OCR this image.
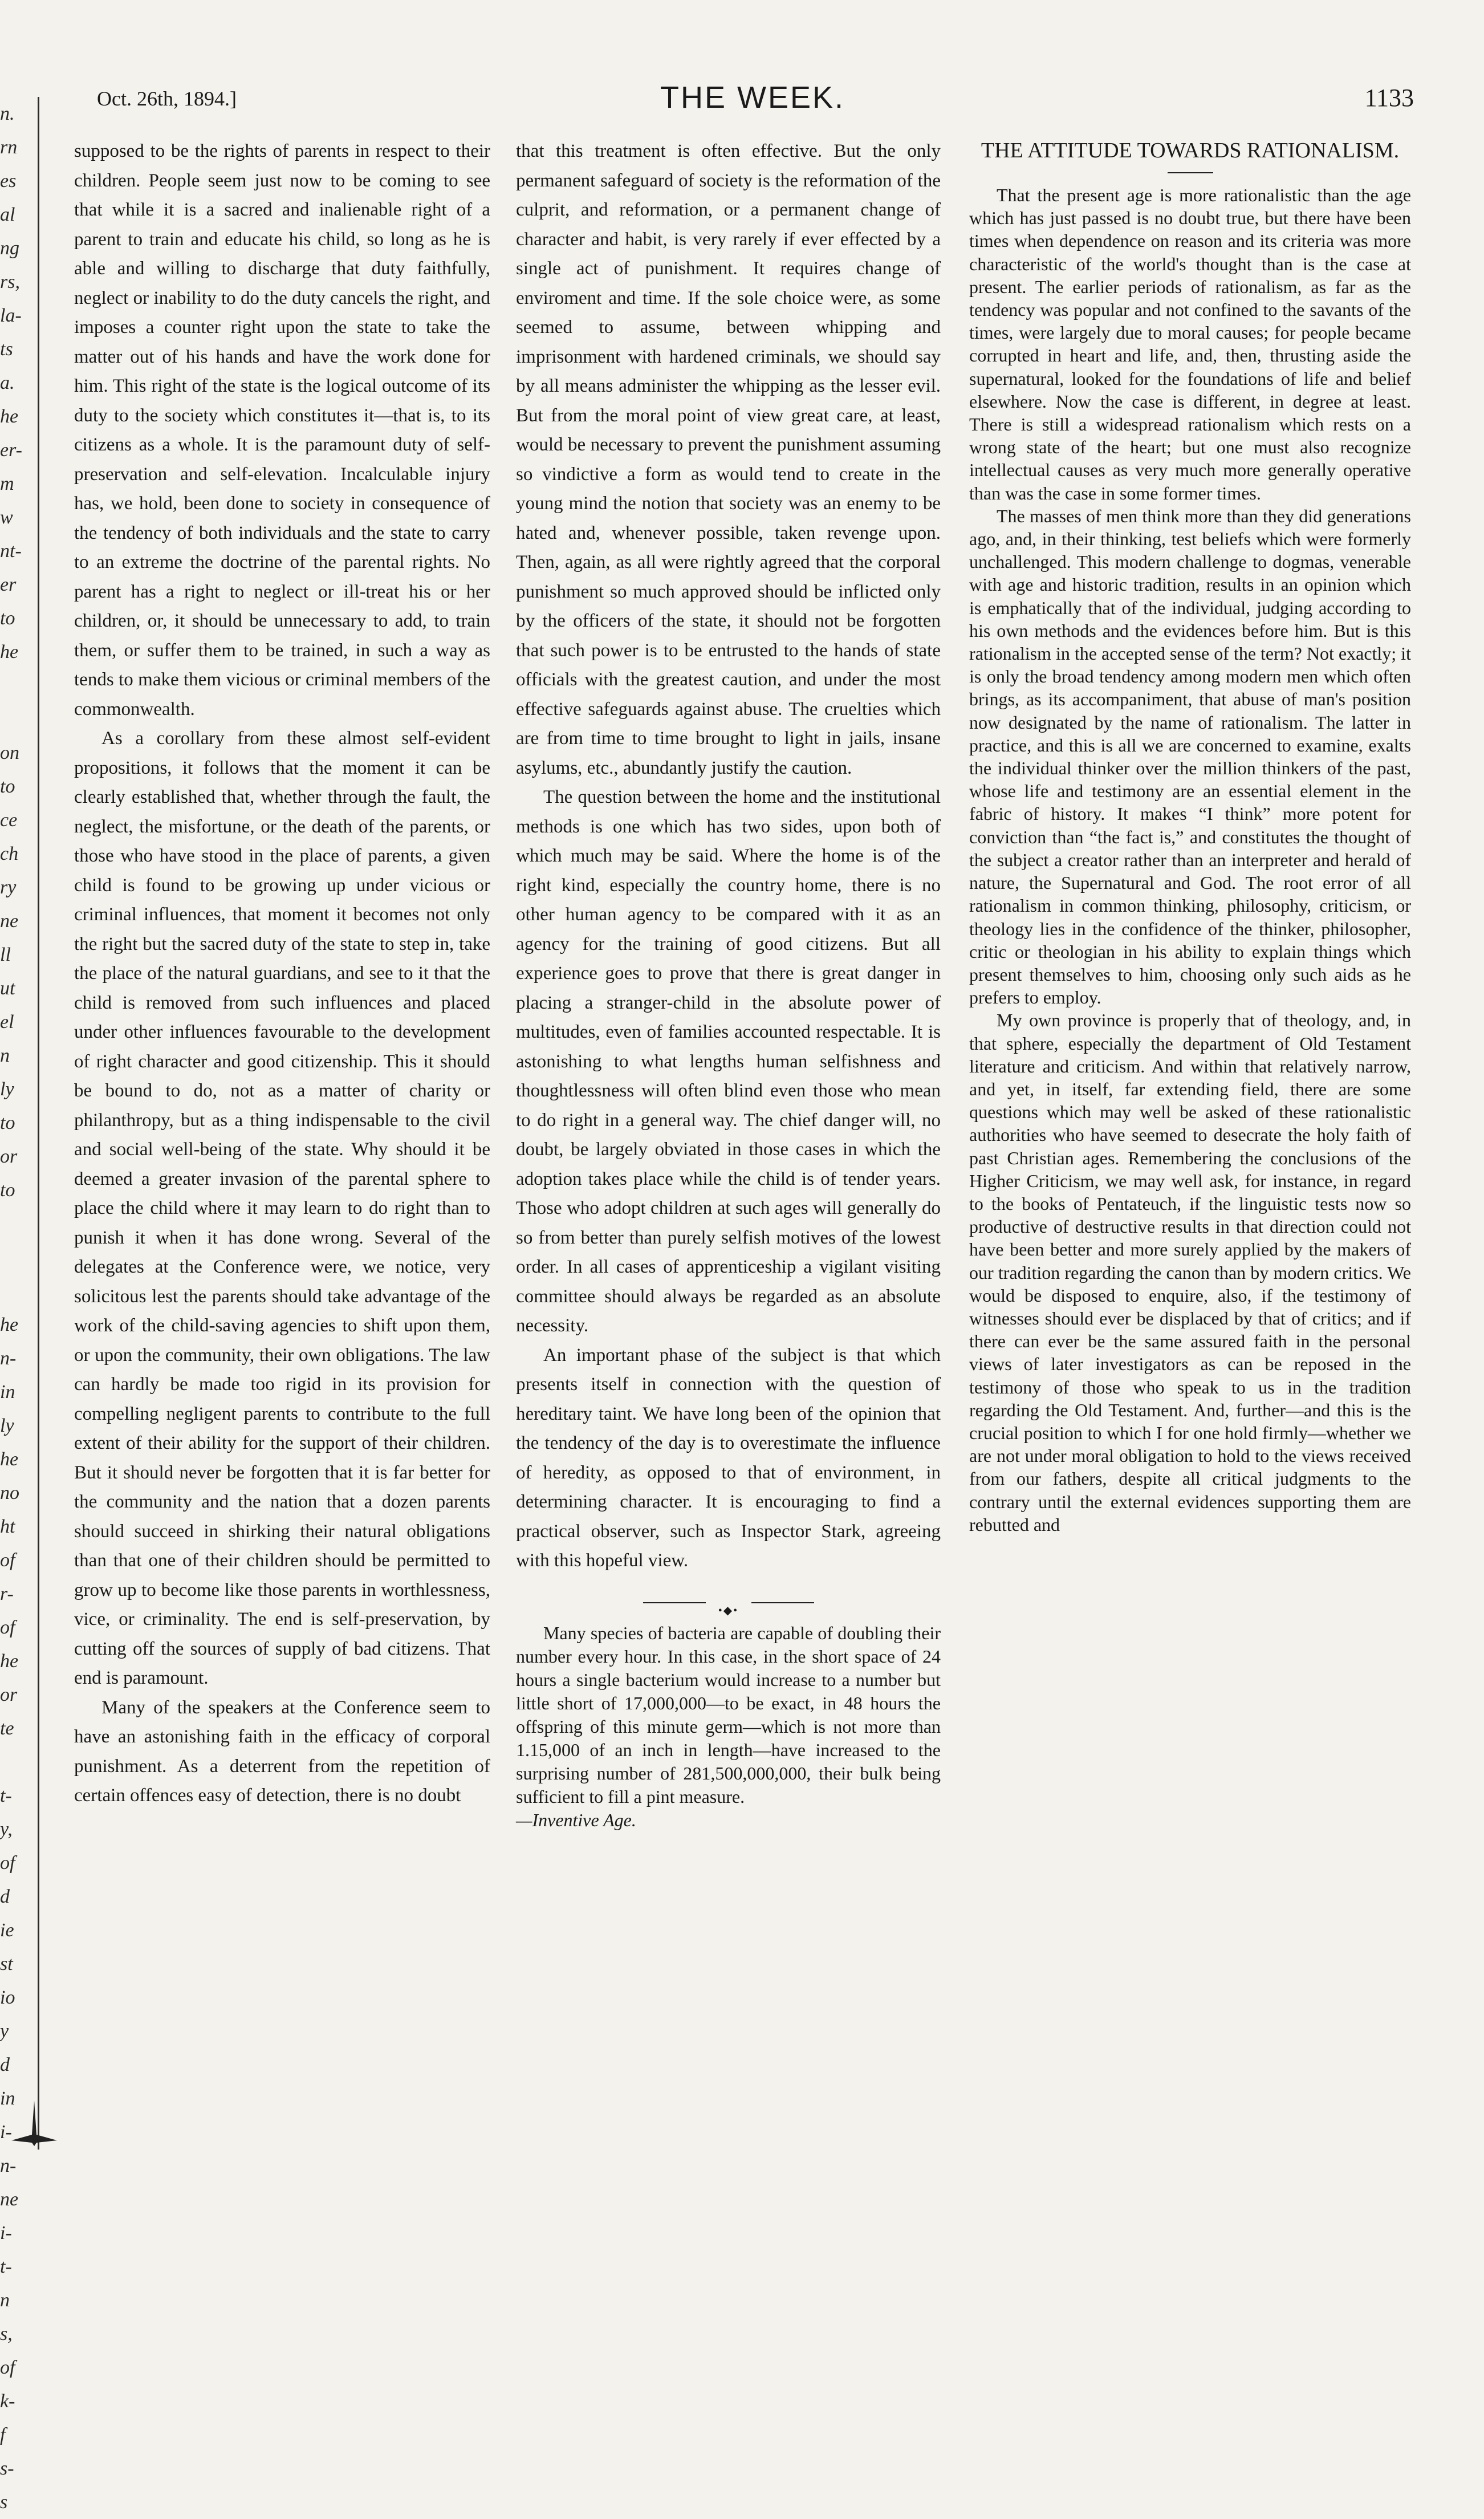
n.
rn
es
al
ng
rs,
la-
ts
a.
he
er-
m
w
nt-
er
to
he
on
to
ce
ch
ry
ne
ll
ut
el
n
ly
to
or
to
he
n-
in
ly
he
no
ht
of
r-
of
he
or
te
t-
y,
of
d
ie
st
io
y
d
in
i-
n-
ne
i-
t-
n
s,
of
k-
f
s-
s
Oct. 26th, 1894.]	THE WEEK.	1133

supposed to be the rights of parents in respect to their children. People seem just now to be coming to see that while it is a sacred and inalienable right of a parent to train and educate his child, so long as he is able and willing to discharge that duty faithfully, neglect or inability to do the duty cancels the right, and imposes a counter right upon the state to take the matter out of his hands and have the work done for him. This right of the state is the logical outcome of its duty to the society which constitutes it—that is, to its citizens as a whole. It is the paramount duty of self-preservation and self-elevation. Incalculable injury has, we hold, been done to society in consequence of the tendency of both individuals and the state to carry to an extreme the doctrine of the parental rights. No parent has a right to neglect or ill-treat his or her children, or, it should be unnecessary to add, to train them, or suffer them to be trained, in such a way as tends to make them vicious or criminal members of the commonwealth.

As a corollary from these almost self-evident propositions, it follows that the moment it can be clearly established that, whether through the fault, the neglect, the misfortune, or the death of the parents, or those who have stood in the place of parents, a given child is found to be growing up under vicious or criminal influences, that moment it becomes not only the right but the sacred duty of the state to step in, take the place of the natural guardians, and see to it that the child is removed from such influences and placed under other influences favourable to the development of right character and good citizenship. This it should be bound to do, not as a matter of charity or philanthropy, but as a thing indispensable to the civil and social well-being of the state. Why should it be deemed a greater invasion of the parental sphere to place the child where it may learn to do right than to punish it when it has done wrong. Several of the delegates at the Conference were, we notice, very solicitous lest the parents should take advantage of the work of the child-saving agencies to shift upon them, or upon the community, their own obligations. The law can hardly be made too rigid in its provision for compelling negligent parents to contribute to the full extent of their ability for the support of their children. But it should never be forgotten that it is far better for the community and the nation that a dozen parents should succeed in shirking their natural obligations than that one of their children should be permitted to grow up to become like those parents in worthlessness, vice, or criminality. The end is self-preservation, by cutting off the sources of supply of bad citizens. That end is paramount.

Many of the speakers at the Conference seem to have an astonishing faith in the efficacy of corporal punishment. As a deterrent from the repetition of certain offences easy of detection, there is no doubt

that this treatment is often effective. But the only permanent safeguard of society is the reformation of the culprit, and reformation, or a permanent change of character and habit, is very rarely if ever effected by a single act of punishment. It requires change of enviroment and time. If the sole choice were, as some seemed to assume, between whipping and imprisonment with hardened criminals, we should say by all means administer the whipping as the lesser evil. But from the moral point of view great care, at least, would be necessary to prevent the punishment assuming so vindictive a form as would tend to create in the young mind the notion that society was an enemy to be hated and, whenever possible, taken revenge upon. Then, again, as all were rightly agreed that the corporal punishment so much approved should be inflicted only by the officers of the state, it should not be forgotten that such power is to be entrusted to the hands of state officials with the greatest caution, and under the most effective safeguards against abuse. The cruelties which are from time to time brought to light in jails, insane asylums, etc., abundantly justify the caution.

The question between the home and the institutional methods is one which has two sides, upon both of which much may be said. Where the home is of the right kind, especially the country home, there is no other human agency to be compared with it as an agency for the training of good citizens. But all experience goes to prove that there is great danger in placing a stranger-child in the absolute power of multitudes, even of families accounted respectable. It is astonishing to what lengths human selfishness and thoughtlessness will often blind even those who mean to do right in a general way. The chief danger will, no doubt, be largely obviated in those cases in which the adoption takes place while the child is of tender years. Those who adopt children at such ages will generally do so from better than purely selfish motives of the lowest order. In all cases of apprenticeship a vigilant visiting committee should always be regarded as an absolute necessity.

An important phase of the subject is that which presents itself in connection with the question of hereditary taint. We have long been of the opinion that the tendency of the day is to overestimate the influence of heredity, as opposed to that of environment, in determining character. It is encouraging to find a practical observer, such as Inspector Stark, agreeing with this hopeful view.

•◆•

Many species of bacteria are capable of doubling their number every hour. In this case, in the short space of 24 hours a single bacterium would increase to a number but little short of 17,000,000—to be exact, in 48 hours the offspring of this minute germ—which is not more than 1.15,000 of an inch in length—have increased to the surprising number of 281,500,000,000, their bulk being sufficient to fill a pint measure.
—Inventive Age.

THE ATTITUDE TOWARDS RATIONALISM.

That the present age is more rationalistic than the age which has just passed is no doubt true, but there have been times when dependence on reason and its criteria was more characteristic of the world's thought than is the case at present. The earlier periods of rationalism, as far as the tendency was popular and not confined to the savants of the times, were largely due to moral causes; for people became corrupted in heart and life, and, then, thrusting aside the supernatural, looked for the foundations of life and belief elsewhere. Now the case is different, in degree at least. There is still a widespread rationalism which rests on a wrong state of the heart; but one must also recognize intellectual causes as very much more generally operative than was the case in some former times.

The masses of men think more than they did generations ago, and, in their thinking, test beliefs which were formerly unchallenged. This modern challenge to dogmas, venerable with age and historic tradition, results in an opinion which is emphatically that of the individual, judging according to his own methods and the evidences before him. But is this rationalism in the accepted sense of the term? Not exactly; it is only the broad tendency among modern men which often brings, as its accompaniment, that abuse of man's position now designated by the name of rationalism. The latter in practice, and this is all we are concerned to examine, exalts the individual thinker over the million thinkers of the past, whose life and testimony are an essential element in the fabric of history. It makes “I think” more potent for conviction than “the fact is,” and constitutes the thought of the subject a creator rather than an interpreter and herald of nature, the Supernatural and God. The root error of all rationalism in common thinking, philosophy, criticism, or theology lies in the confidence of the thinker, philosopher, critic or theologian in his ability to explain things which present themselves to him, choosing only such aids as he prefers to employ.

My own province is properly that of theology, and, in that sphere, especially the department of Old Testament literature and criticism. And within that relatively narrow, and yet, in itself, far extending field, there are some questions which may well be asked of these rationalistic authorities who have seemed to desecrate the holy faith of past Christian ages. Remembering the conclusions of the Higher Criticism, we may well ask, for instance, in regard to the books of Pentateuch, if the linguistic tests now so productive of destructive results in that direction could not have been better and more surely applied by the makers of our tradition regarding the canon than by modern critics. We would be disposed to enquire, also, if the testimony of witnesses should ever be displaced by that of critics; and if there can ever be the same assured faith in the personal views of later investigators as can be reposed in the testimony of those who speak to us in the tradition regarding the Old Testament. And, further—and this is the crucial position to which I for one hold firmly—whether we are not under moral obligation to hold to the views received from our fathers, despite all critical judgments to the contrary until the external evidences supporting them are rebutted and
